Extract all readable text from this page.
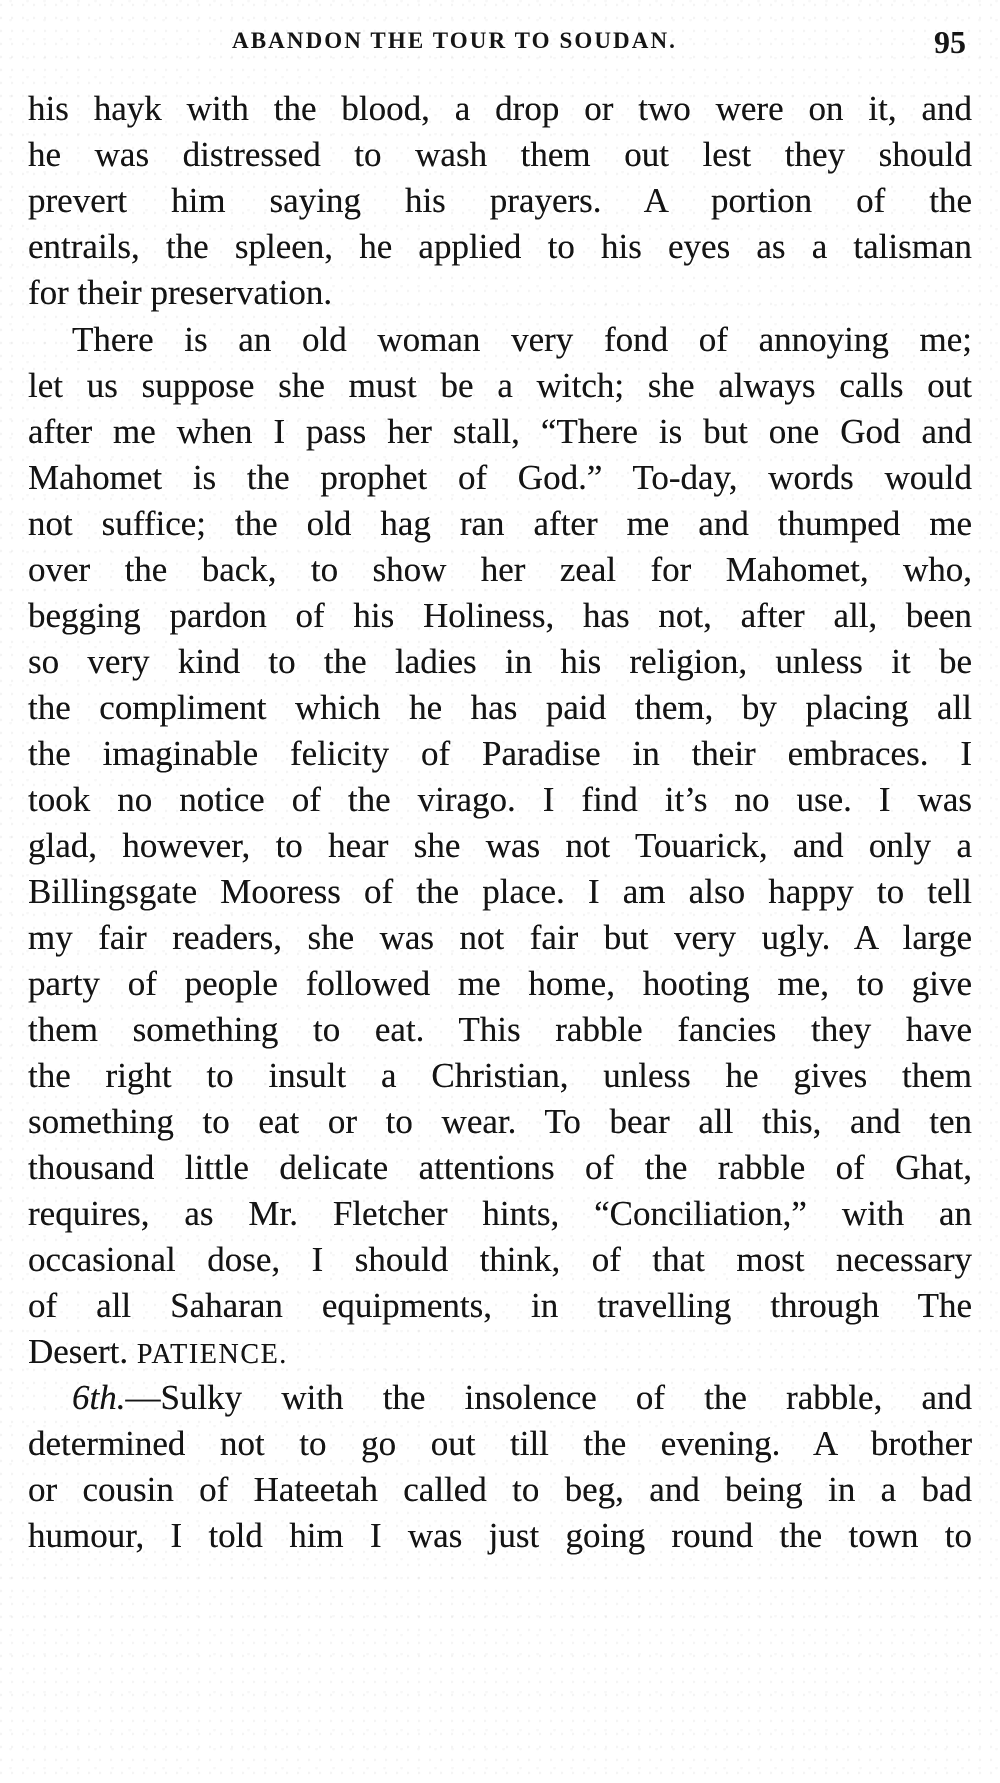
ABANDON THE TOUR TO SOUDAN.	95
his hayk with the blood, a drop or two were on it, and
he was distressed to wash them out lest they should
prevert him saying his prayers. A portion of the
entrails, the spleen, he applied to his eyes as a talisman
for their preservation.
There is an old woman very fond of annoying me;
let us suppose she must be a witch; she always calls out
after me when I pass her stall, “There is but one God and
Mahomet is the prophet of God.” To-day, words would
not suffice; the old hag ran after me and thumped me
over the back, to show her zeal for Mahomet, who,
begging pardon of his Holiness, has not, after all, been
so very kind to the ladies in his religion, unless it be
the compliment which he has paid them, by placing all
the imaginable felicity of Paradise in their embraces. I
took no notice of the virago. I find it’s no use. I was
glad, however, to hear she was not Touarick, and only a
Billingsgate Mooress of the place. I am also happy to tell
my fair readers, she was not fair but very ugly. A large
party of people followed me home, hooting me, to give
them something to eat. This rabble fancies they have
the right to insult a Christian, unless he gives them
something to eat or to wear. To bear all this, and ten
thousand little delicate attentions of the rabble of Ghat,
requires, as Mr. Fletcher hints, “Conciliation,” with an
occasional dose, I should think, of that most necessary
of all Saharan equipments, in travelling through The
Desert. PATIENCE.
6th.—Sulky with the insolence of the rabble, and
determined not to go out till the evening. A brother
or cousin of Hateetah called to beg, and being in a bad
humour, I told him I was just going round the town to
